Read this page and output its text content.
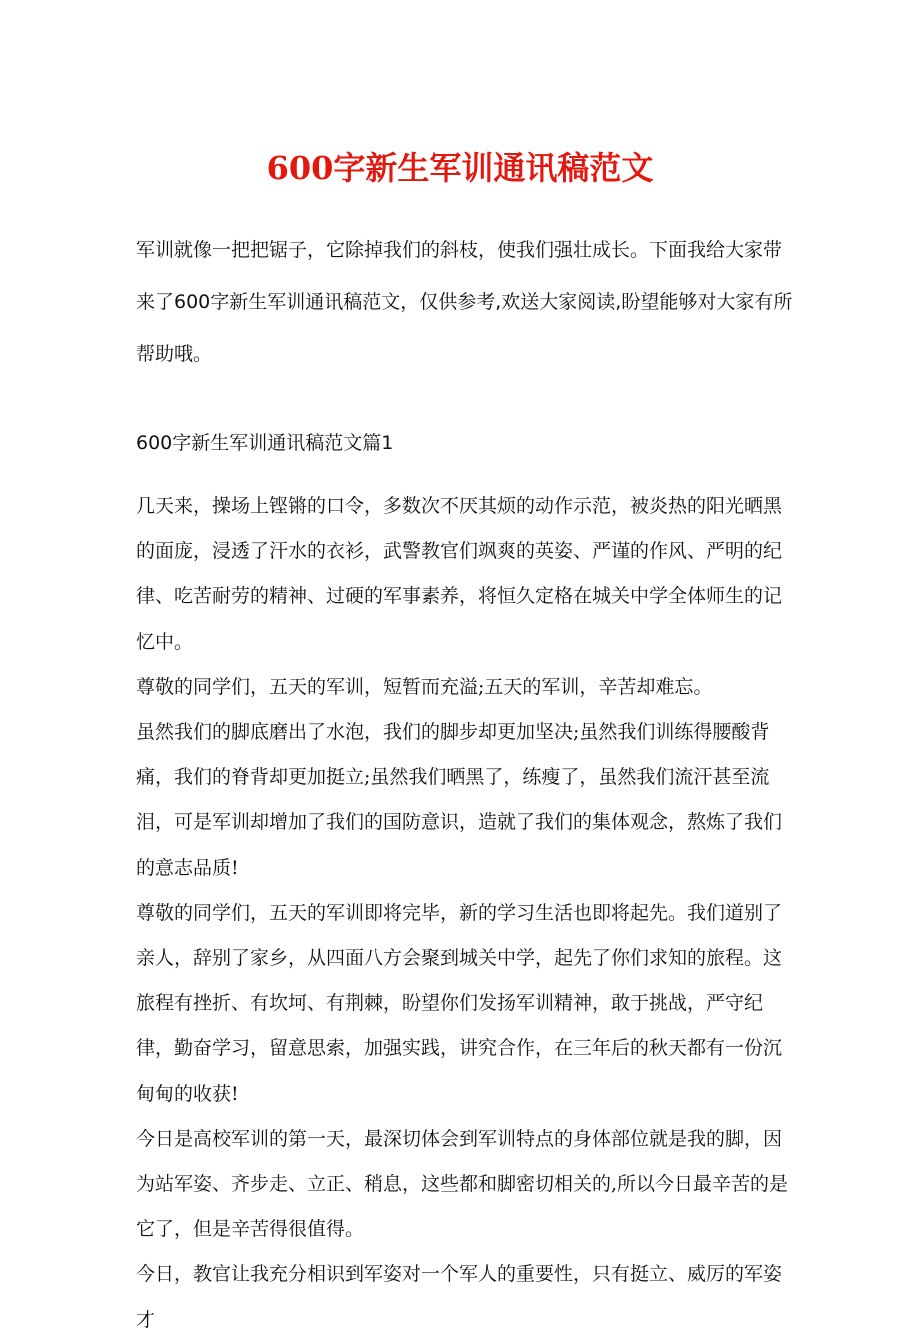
600字新生军训通讯稿范文
军训就像一把把锯子，它除掉我们的斜枝，使我们强壮成长。下面我给大家带来了600字新生军训通讯稿范文，仅供参考,欢送大家阅读,盼望能够对大家有所帮助哦。
600字新生军训通讯稿范文篇1

几天来，操场上铿锵的口令，多数次不厌其烦的动作示范，被炎热的阳光晒黑的面庞，浸透了汗水的衣衫，武警教官们飒爽的英姿、严谨的作风、严明的纪律、吃苦耐劳的精神、过硬的军事素养，将恒久定格在城关中学全体师生的记忆中。

尊敬的同学们，五天的军训，短暂而充溢;五天的军训，辛苦却难忘。

虽然我们的脚底磨出了水泡，我们的脚步却更加坚决;虽然我们训练得腰酸背痛，我们的脊背却更加挺立;虽然我们晒黑了，练瘦了，虽然我们流汗甚至流泪，可是军训却增加了我们的国防意识，造就了我们的集体观念，熬炼了我们的意志品质!

尊敬的同学们，五天的军训即将完毕，新的学习生活也即将起先。我们道别了亲人，辞别了家乡，从四面八方会聚到城关中学，起先了你们求知的旅程。这旅程有挫折、有坎坷、有荆棘，盼望你们发扬军训精神，敢于挑战，严守纪律，勤奋学习，留意思索，加强实践，讲究合作，在三年后的秋天都有一份沉甸甸的收获!

今日是高校军训的第一天，最深切体会到军训特点的身体部位就是我的脚，因为站军姿、齐步走、立正、稍息，这些都和脚密切相关的,所以今日最辛苦的是它了，但是辛苦得很值得。

今日，教官让我充分相识到军姿对一个军人的重要性，只有挺立、威厉的军姿才
